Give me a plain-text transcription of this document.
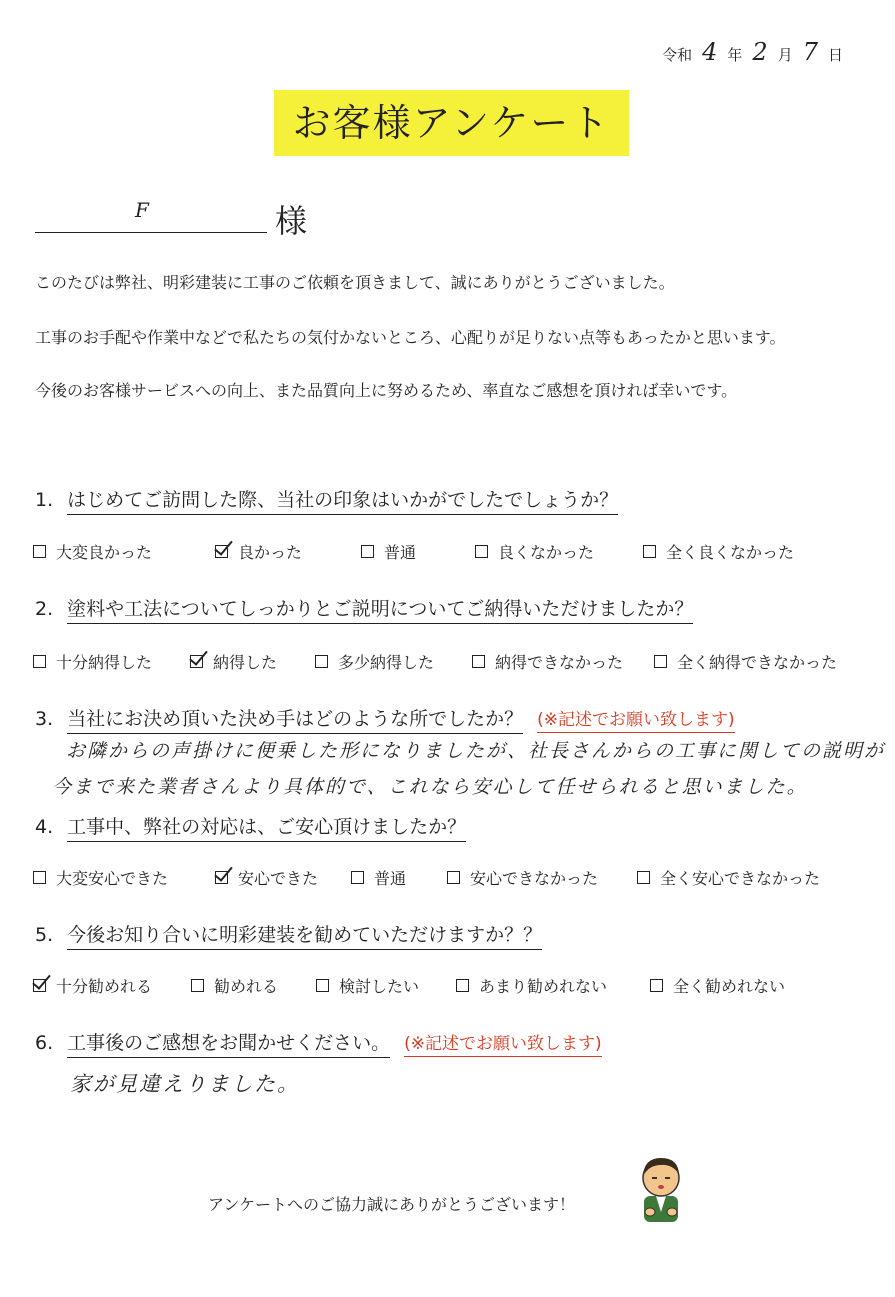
令和 4 年 2 月 7 日
お客様アンケート
F	様
このたびは弊社、明彩建装に工事のご依頼を頂きまして、誠にありがとうございました。
工事のお手配や作業中などで私たちの気付かないところ、心配りが足りない点等もあったかと思います。
今後のお客様サービスへの向上、また品質向上に努めるため、率直なご感想を頂ければ幸いです。
1. はじめてご訪問した際、当社の印象はいかがでしたでしょうか？
大変良かった	良かった	普通	良くなかった	全く良くなかった
2. 塗料や工法についてしっかりとご説明についてご納得いただけましたか？
十分納得した	納得した	多少納得した	納得できなかった	全く納得できなかった
3. 当社にお決め頂いた決め手はどのような所でしたか？ (※記述でお願い致します)
お隣からの声掛けに便乗した形になりましたが、社長さんからの工事に関しての説明が
今まで来た業者さんより具体的で、これなら安心して任せられると思いました。
4. 工事中、弊社の対応は、ご安心頂けましたか？
大変安心できた	安心できた	普通	安心できなかった	全く安心できなかった
5. 今後お知り合いに明彩建装を勧めていただけますか？？
十分勧めれる	勧めれる	検討したい	あまり勧めれない	全く勧めれない
6. 工事後のご感想をお聞かせください。 (※記述でお願い致します)
家が見違えりました。
アンケートへのご協力誠にありがとうございます！
